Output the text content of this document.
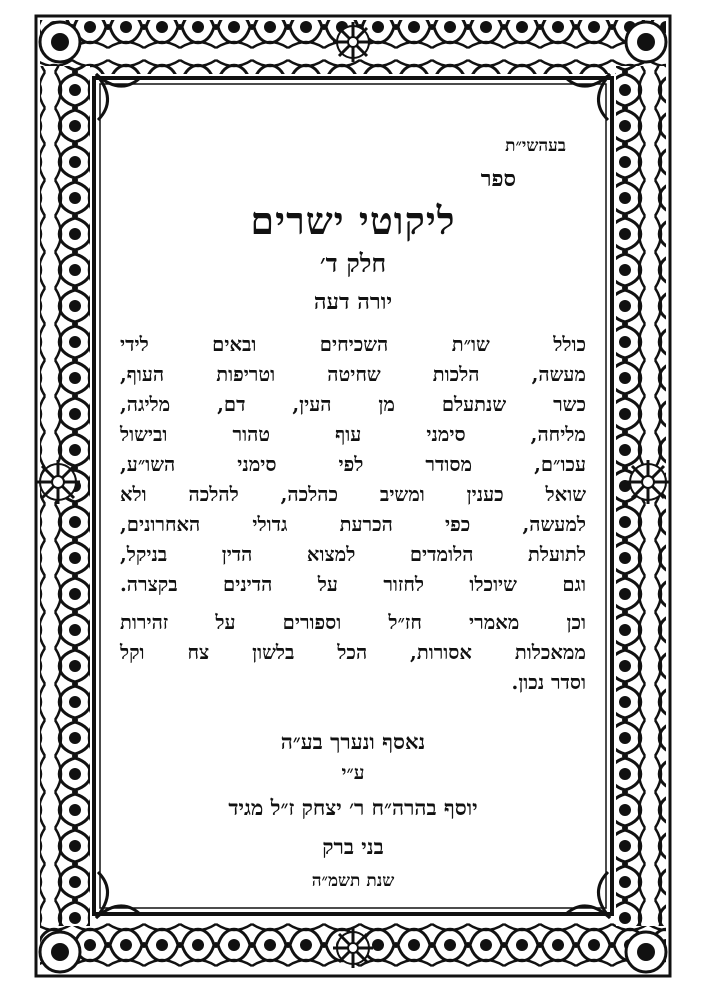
בעהשי״ת
ספר
ליקוטי ישרים
חלק ד׳
יורה דעה
כולל שו״ת השכיחים ובאים לידי
מעשה, הלכות שחיטה וטריפות העוף,
כשר שנתעלם מן העין, דם, מליגה,
מליחה, סימני עוף טהור ובישול
עכו״ם, מסודר לפי סימני השו״ע,
שואל כענין ומשיב כהלכה, להלכה ולא
למעשה, כפי הכרעת גדולי האחרונים,
לתועלת הלומדים למצוא הדין בניקל,
וגם שיוכלו לחזור על הדינים בקצרה.
וכן מאמרי חז״ל וספורים על זהירות
ממאכלות אסורות, הכל בלשון צח וקל
וסדר נכון.
נאסף ונערך בע״ה
ע״י
יוסף בהרה״ח ר׳ יצחק ז״ל מגיד
בני ברק
שנת תשמ״ה
